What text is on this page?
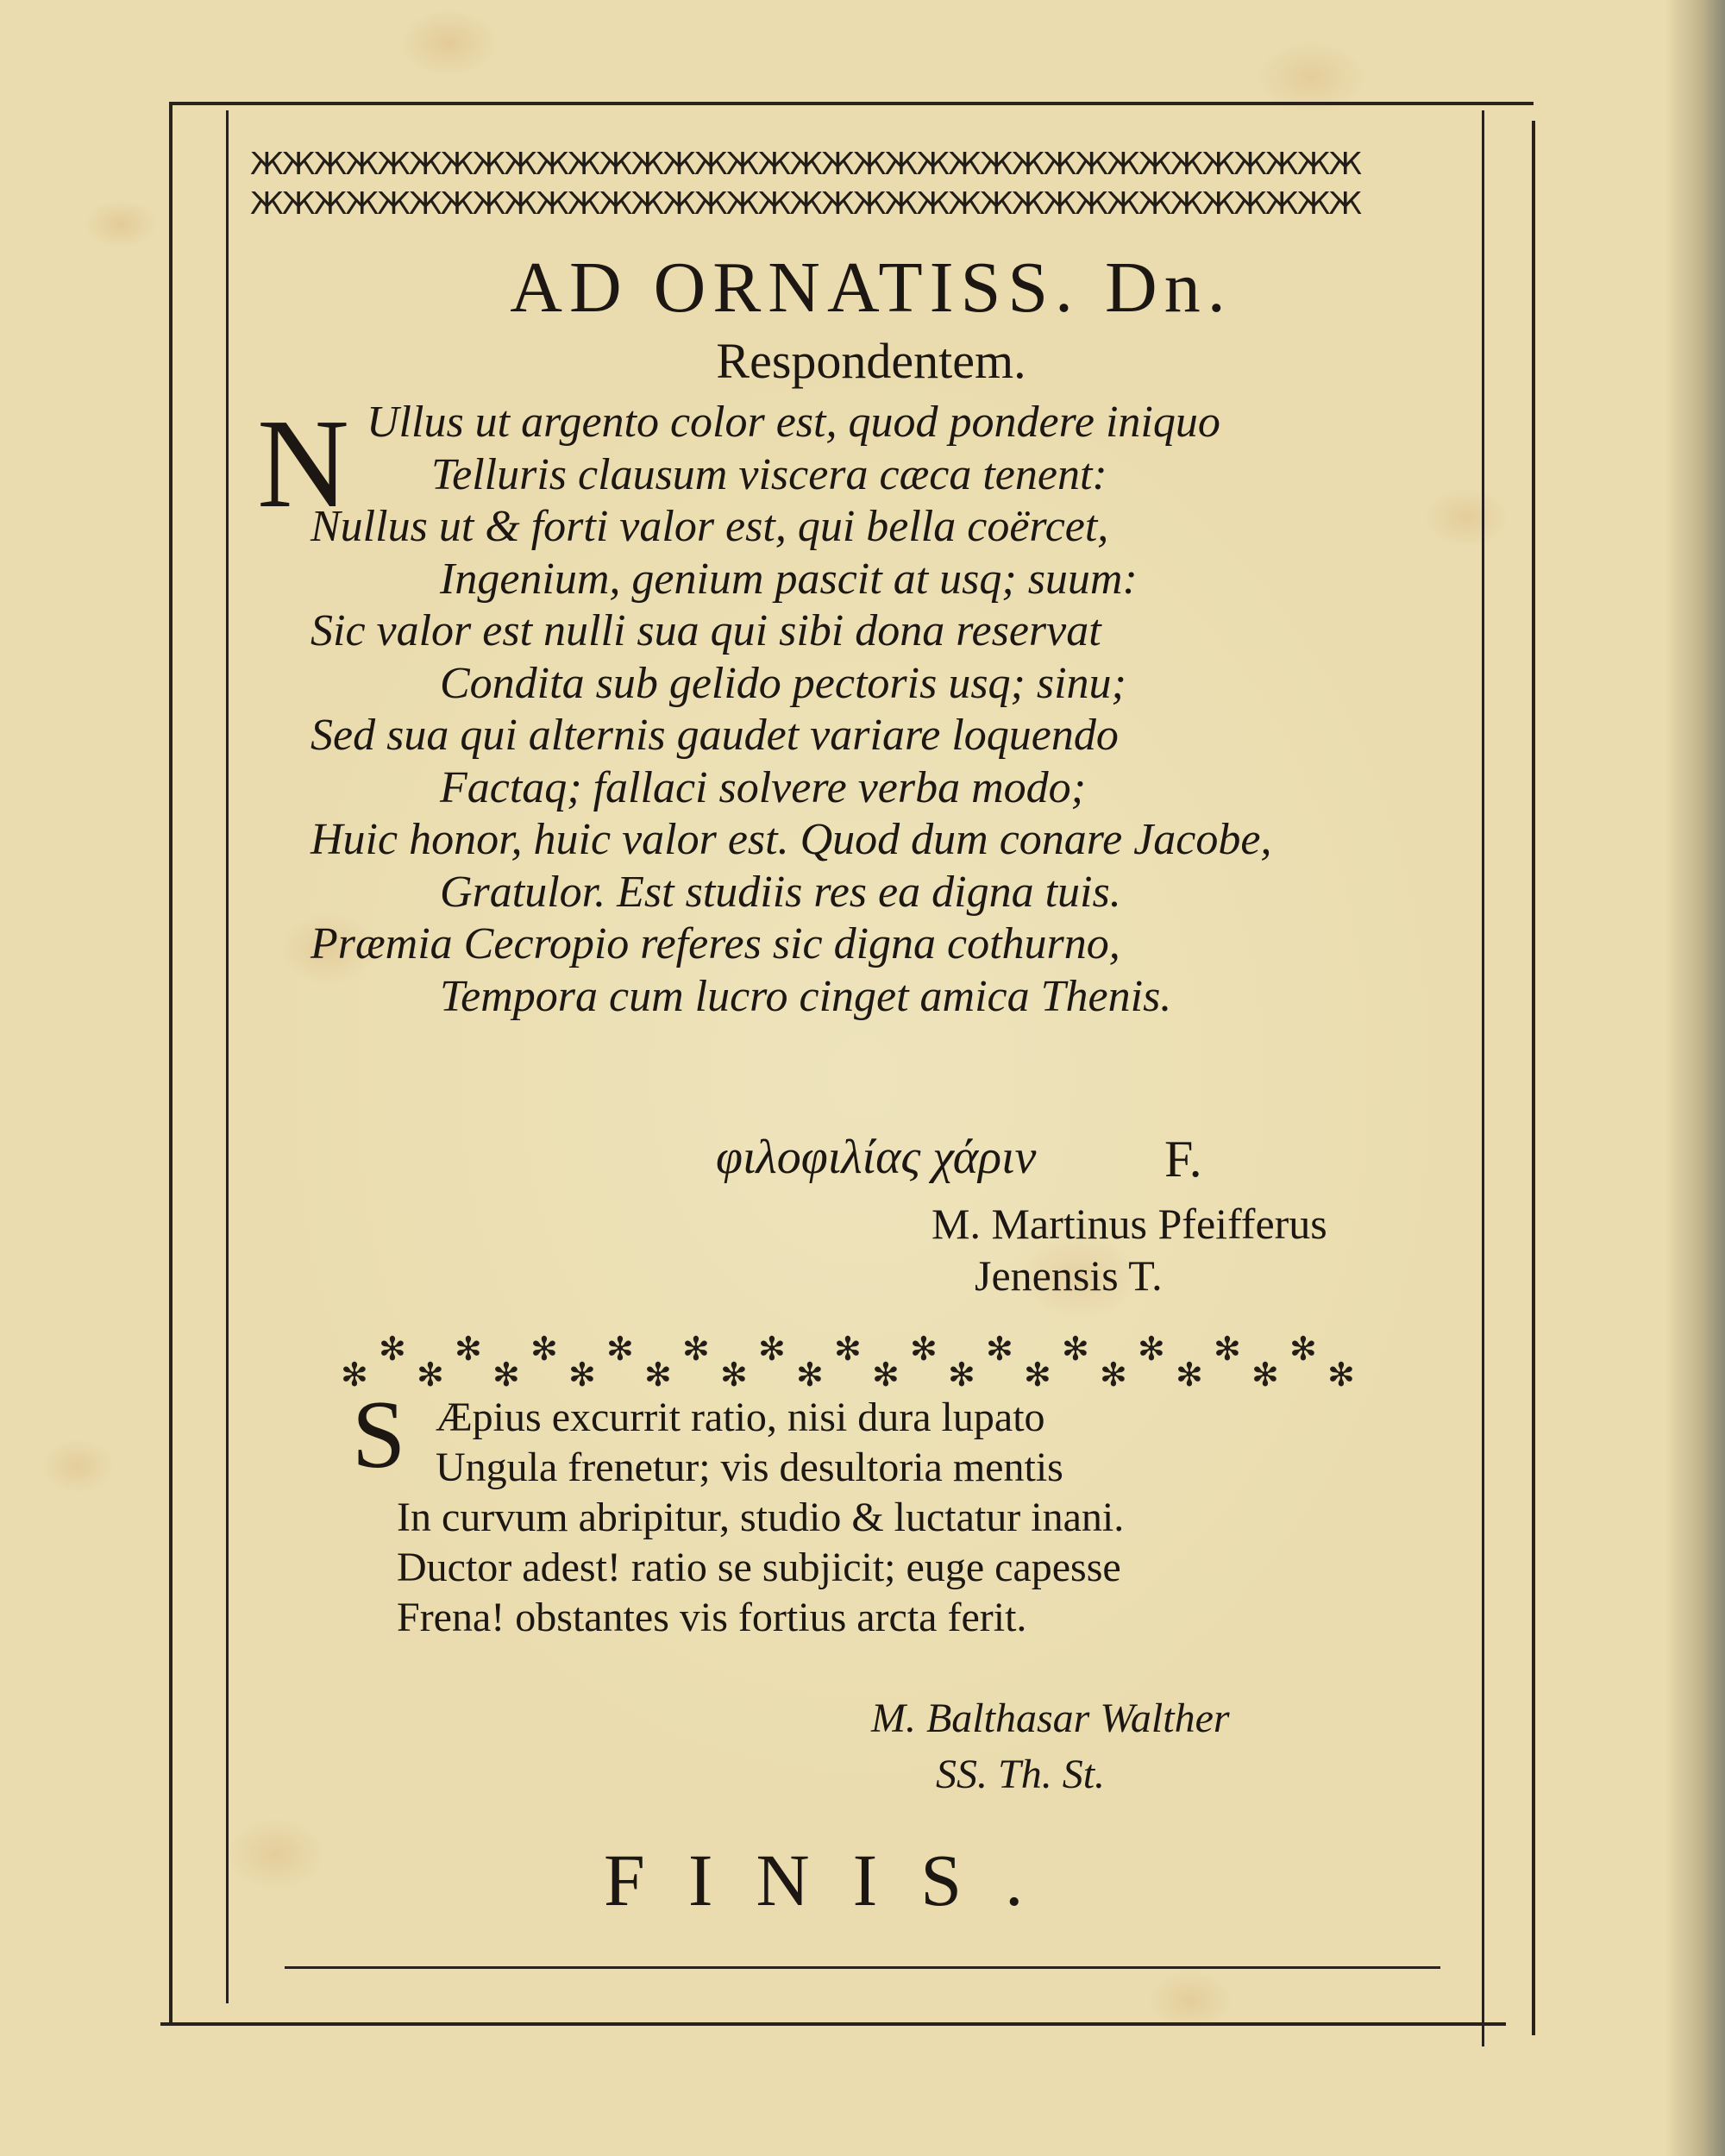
ЖЖЖЖЖЖЖЖЖЖЖЖЖЖЖЖЖЖЖЖЖЖЖЖЖЖЖЖЖЖЖЖЖЖЖ
ЖЖЖЖЖЖЖЖЖЖЖЖЖЖЖЖЖЖЖЖЖЖЖЖЖЖЖЖЖЖЖЖЖЖЖ
AD ORNATISS. Dn.
Respondentem.
N Ullus ut argento color est, quod pondere iniquo
Telluris clausum viscera cæca tenent:
Nullus ut & forti valor est, qui bella coërcet,
Ingenium, genium pascit at usq; suum:
Sic valor est nulli sua qui sibi dona reservat
Condita sub gelido pectoris usq; sinu;
Sed sua qui alternis gaudet variare loquendo
Factaq; fallaci solvere verba modo;
Huic honor, huic valor est. Quod dum conare Jacobe,
Gratulor. Est studiis res ea digna tuis.
Præmia Cecropio referes sic digna cothurno,
Tempora cum lucro cinget amica Thenis.
φιλοφιλίας χάριν F.
M. Martinus Pfeifferus
Jenensis T.
✻
✻
✻
✻
✻
✻
✻
✻
✻
✻
✻
✻
✻
✻
✻
✻
✻
✻
✻
✻
✻
✻
✻
✻
✻
✻
✻
S Æpius excurrit ratio, nisi dura lupato
Ungula frenetur; vis desultoria mentis
In curvum abripitur, studio & luctatur inani.
Ductor adest! ratio se subjicit; euge capesse
Frena! obstantes vis fortius arcta ferit.
M. Balthasar Walther
SS. Th. St.
FINIS.
